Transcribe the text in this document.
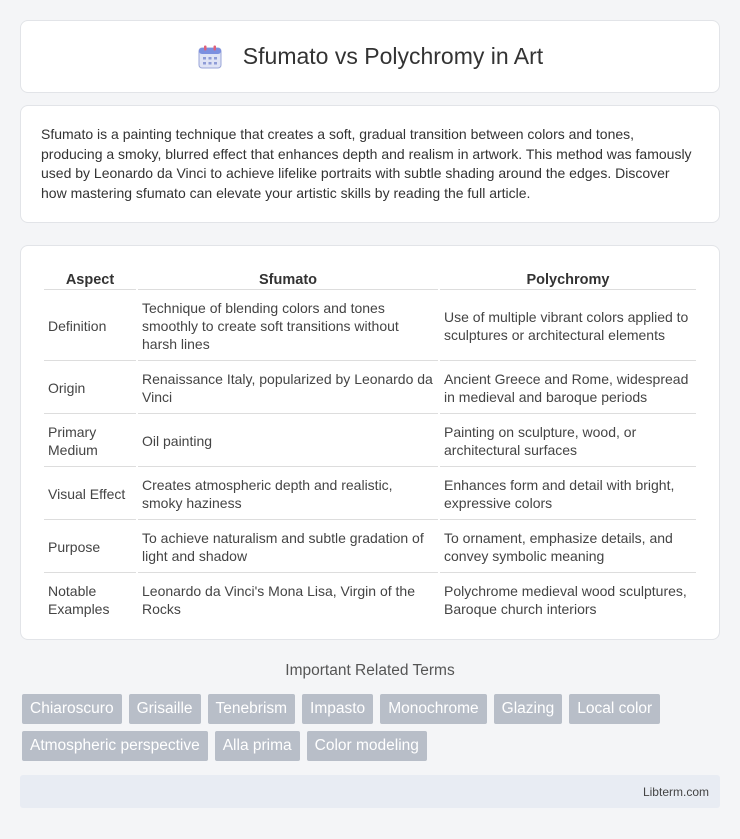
Sfumato vs Polychromy in Art

Sfumato is a painting technique that creates a soft, gradual transition between colors and tones, producing a smoky, blurred effect that enhances depth and realism in artwork. This method was famously used by Leonardo da Vinci to achieve lifelike portraits with subtle shading around the edges. Discover how mastering sfumato can elevate your artistic skills by reading the full article.

Aspect	Sfumato	Polychromy
Definition	Technique of blending colors and tones smoothly to create soft transitions without harsh lines	Use of multiple vibrant colors applied to sculptures or architectural elements
Origin	Renaissance Italy, popularized by Leonardo da Vinci	Ancient Greece and Rome, widespread in medieval and baroque periods
Primary Medium	Oil painting	Painting on sculpture, wood, or architectural surfaces
Visual Effect	Creates atmospheric depth and realistic, smoky haziness	Enhances form and detail with bright, expressive colors
Purpose	To achieve naturalism and subtle gradation of light and shadow	To ornament, emphasize details, and convey symbolic meaning
Notable Examples	Leonardo da Vinci's Mona Lisa, Virgin of the Rocks	Polychrome medieval wood sculptures, Baroque church interiors
Important Related Terms
Chiaroscuro	Grisaille	Tenebrism	Impasto	Monochrome	Glazing	Local color
Atmospheric perspective	Alla prima	Color modeling
Libterm.com
